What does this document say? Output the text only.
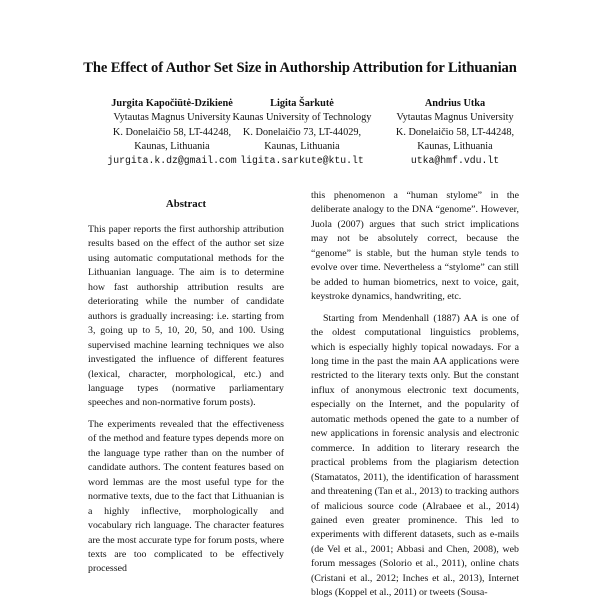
The Effect of Author Set Size in Authorship Attribution for Lithuanian
Jurgita Kapočiūtė-Dzikienė
Vytautas Magnus University
K. Donelaičio 58, LT-44248,
Kaunas, Lithuania
jurgita.k.dz@gmail.com
Ligita Šarkutė
Kaunas University of Technology
K. Donelaičio 73, LT-44029,
Kaunas, Lithuania
ligita.sarkute@ktu.lt
Andrius Utka
Vytautas Magnus University
K. Donelaičio 58, LT-44248,
Kaunas, Lithuania
utka@hmf.vdu.lt
Abstract

This paper reports the first authorship attribution results based on the effect of the author set size using automatic computational methods for the Lithuanian language. The aim is to determine how fast authorship attribution results are deteriorating while the number of candidate authors is gradually increasing: i.e. starting from 3, going up to 5, 10, 20, 50, and 100. Using supervised machine learning techniques we also investigated the influence of different features (lexical, character, morphological, etc.) and language types (normative parliamentary speeches and non-normative forum posts).

The experiments revealed that the effectiveness of the method and feature types depends more on the language type rather than on the number of candidate authors. The content features based on word lemmas are the most useful type for the normative texts, due to the fact that Lithuanian is a highly inflective, morphologically and vocabulary rich language. The character features are the most accurate type for forum posts, where texts are too complicated to be effectively processed

this phenomenon a “human stylome” in the deliberate analogy to the DNA “genome”. However, Juola (2007) argues that such strict implications may not be absolutely correct, because the “genome” is stable, but the human style tends to evolve over time. Nevertheless a “stylome” can still be added to human biometrics, next to voice, gait, keystroke dynamics, handwriting, etc.

Starting from Mendenhall (1887) AA is one of the oldest computational linguistics problems, which is especially highly topical nowadays. For a long time in the past the main AA applications were restricted to the literary texts only. But the constant influx of anonymous electronic text documents, especially on the Internet, and the popularity of automatic methods opened the gate to a number of new applications in forensic analysis and electronic commerce. In addition to literary research the practical problems from the plagiarism detection (Stamatatos, 2011), the identification of harassment and threatening (Tan et al., 2013) to tracking authors of malicious source code (Alrabaee et al., 2014) gained even greater prominence. This led to experiments with different datasets, such as e-mails (de Vel et al., 2001; Abbasi and Chen, 2008), web forum messages (Solorio et al., 2011), online chats (Cristani et al., 2012; Inches et al., 2013), Internet blogs (Koppel et al., 2011) or tweets (Sousa-
